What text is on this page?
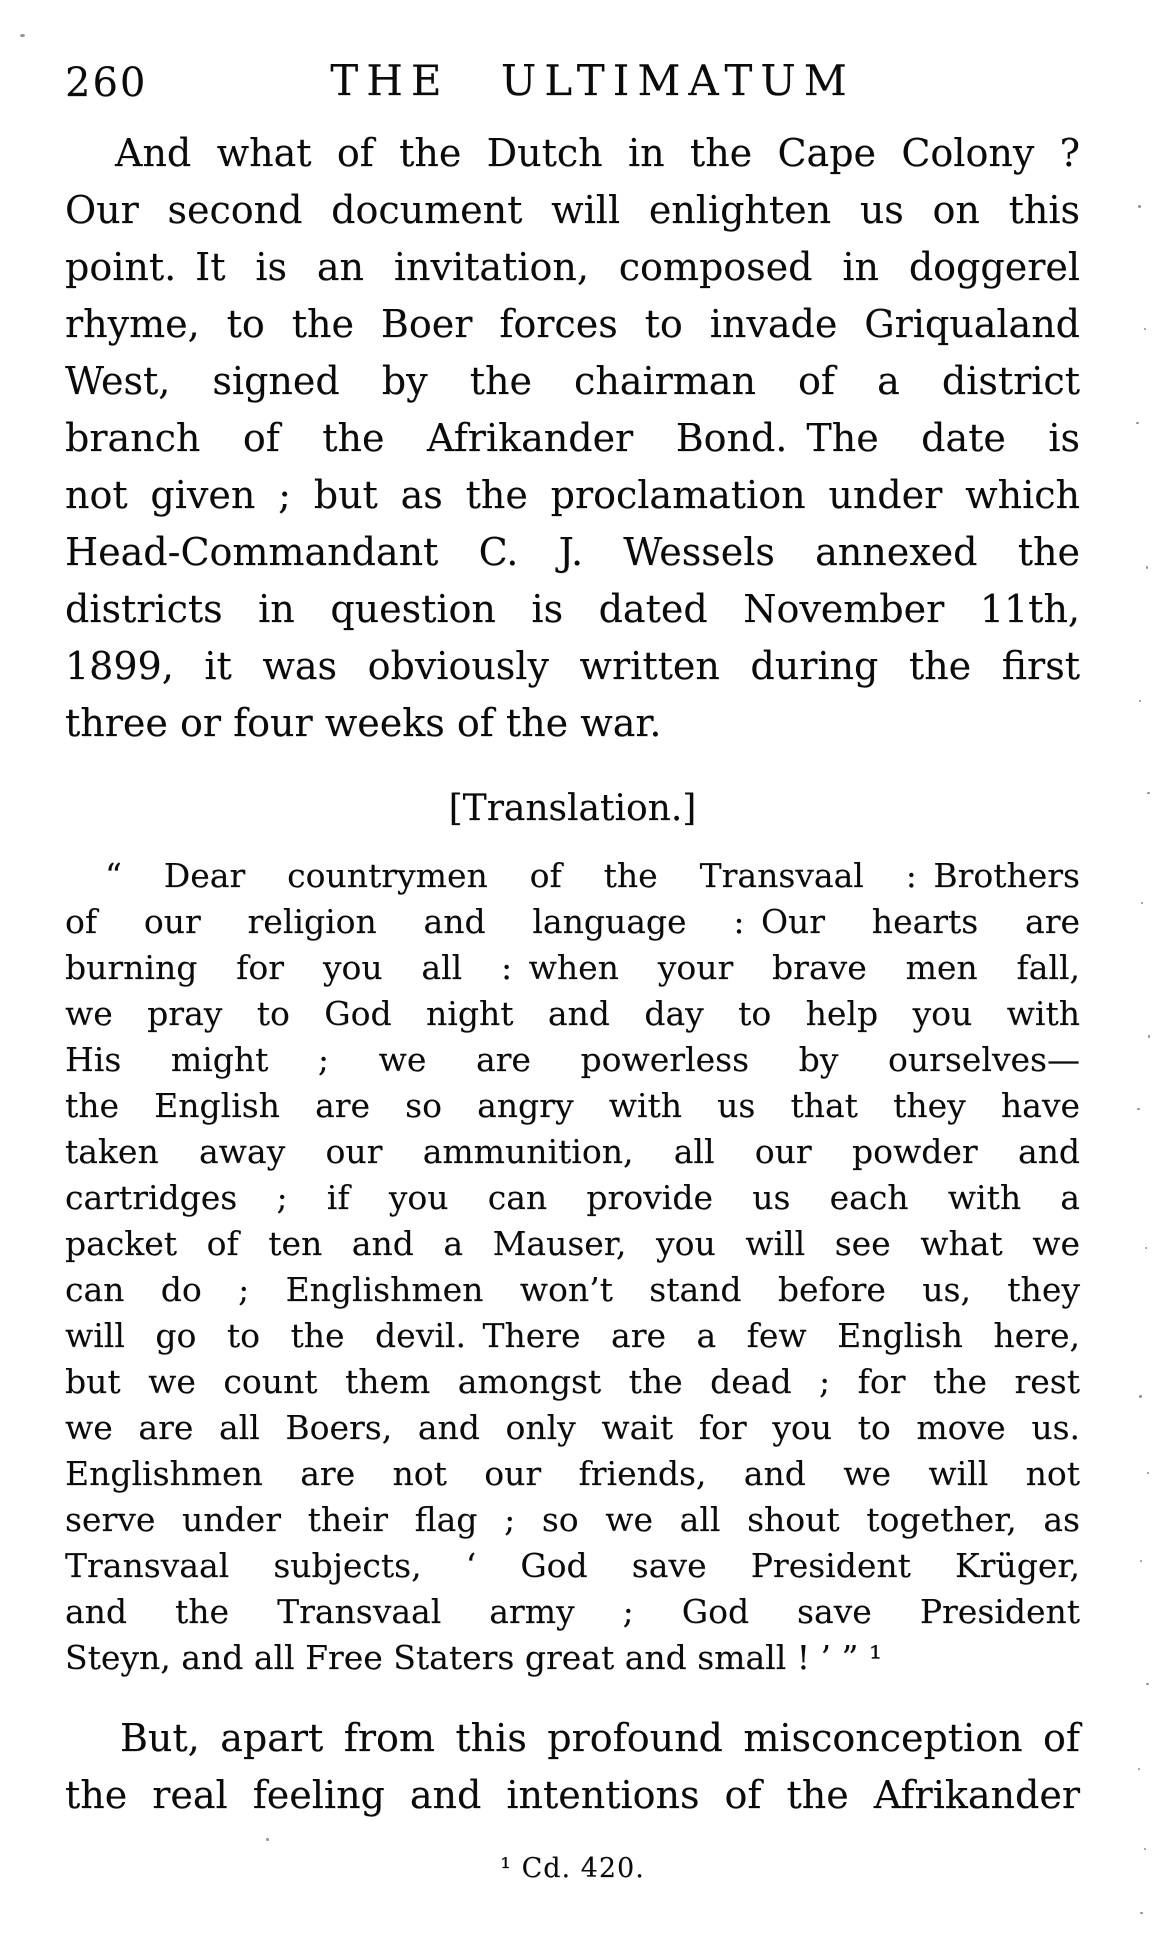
260	THE ULTIMATUM
And what of the Dutch in the Cape Colony ?
Our second document will enlighten us on this
point. It is an invitation, composed in doggerel
rhyme, to the Boer forces to invade Griqualand
West, signed by the chairman of a district
branch of the Afrikander Bond. The date is
not given ; but as the proclamation under which
Head-Commandant C. J. Wessels annexed the
districts in question is dated November 11th,
1899, it was obviously written during the first
three or four weeks of the war.
[Translation.]
“ Dear countrymen of the Transvaal : Brothers
of our religion and language : Our hearts are
burning for you all : when your brave men fall,
we pray to God night and day to help you with
His might ; we are powerless by ourselves—
the English are so angry with us that they have
taken away our ammunition, all our powder and
cartridges ; if you can provide us each with a
packet of ten and a Mauser, you will see what we
can do ; Englishmen won’t stand before us, they
will go to the devil. There are a few English here,
but we count them amongst the dead ; for the rest
we are all Boers, and only wait for you to move us.
Englishmen are not our friends, and we will not
serve under their flag ; so we all shout together, as
Transvaal subjects, ‘ God save President Krüger,
and the Transvaal army ; God save President
Steyn, and all Free Staters great and small ! ’ ” ¹
But, apart from this profound misconception of
the real feeling and intentions of the Afrikander
¹ Cd. 420.
